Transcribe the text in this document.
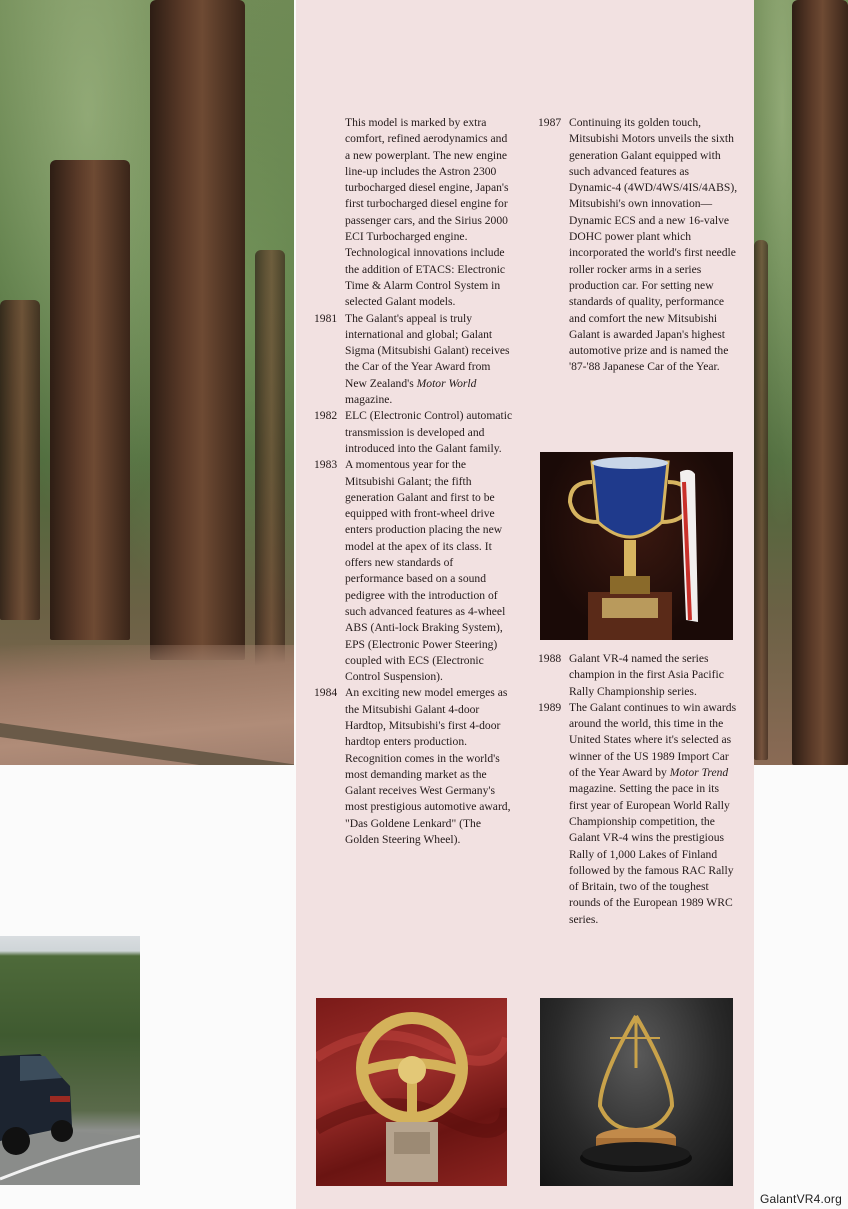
This model is marked by extra comfort, refined aerodynamics and a new powerplant. The new engine line-up includes the Astron 2300 turbocharged diesel engine, Japan's first turbocharged diesel engine for passenger cars, and the Sirius 2000 ECI Turbocharged engine. Technological innovations include the addition of ETACS: Electronic Time & Alarm Control System in selected Galant models.

1981 The Galant's appeal is truly international and global; Galant Sigma (Mitsubishi Galant) receives the Car of the Year Award from New Zealand's Motor World magazine.

1982 ELC (Electronic Control) automatic transmission is developed and introduced into the Galant family.

1983 A momentous year for the Mitsubishi Galant; the fifth generation Galant and first to be equipped with front-wheel drive enters production placing the new model at the apex of its class. It offers new standards of performance based on a sound pedigree with the introduction of such advanced features as 4-wheel ABS (Anti-lock Braking System), EPS (Electronic Power Steering) coupled with ECS (Electronic Control Suspension).

1984 An exciting new model emerges as the Mitsubishi Galant 4-door Hardtop, Mitsubishi's first 4-door hardtop enters production. Recognition comes in the world's most demanding market as the Galant receives West Germany's most prestigious automotive award, "Das Goldene Lenkard" (The Golden Steering Wheel).

1987 Continuing its golden touch, Mitsubishi Motors unveils the sixth generation Galant equipped with such advanced features as Dynamic-4 (4WD/4WS/4IS/4ABS), Mitsubishi's own innovation—Dynamic ECS and a new 16-valve DOHC power plant which incorporated the world's first needle roller rocker arms in a series production car. For setting new standards of quality, performance and comfort the new Mitsubishi Galant is awarded Japan's highest automotive prize and is named the '87-'88 Japanese Car of the Year.

1988 Galant VR-4 named the series champion in the first Asia Pacific Rally Championship series.

1989 The Galant continues to win awards around the world, this time in the United States where it's selected as winner of the US 1989 Import Car of the Year Award by Motor Trend magazine. Setting the pace in its first year of European World Rally Championship competition, the Galant VR-4 wins the prestigious Rally of 1,000 Lakes of Finland followed by the famous RAC Rally of Britain, two of the toughest rounds of the European 1989 WRC series.

GalantVR4.org
